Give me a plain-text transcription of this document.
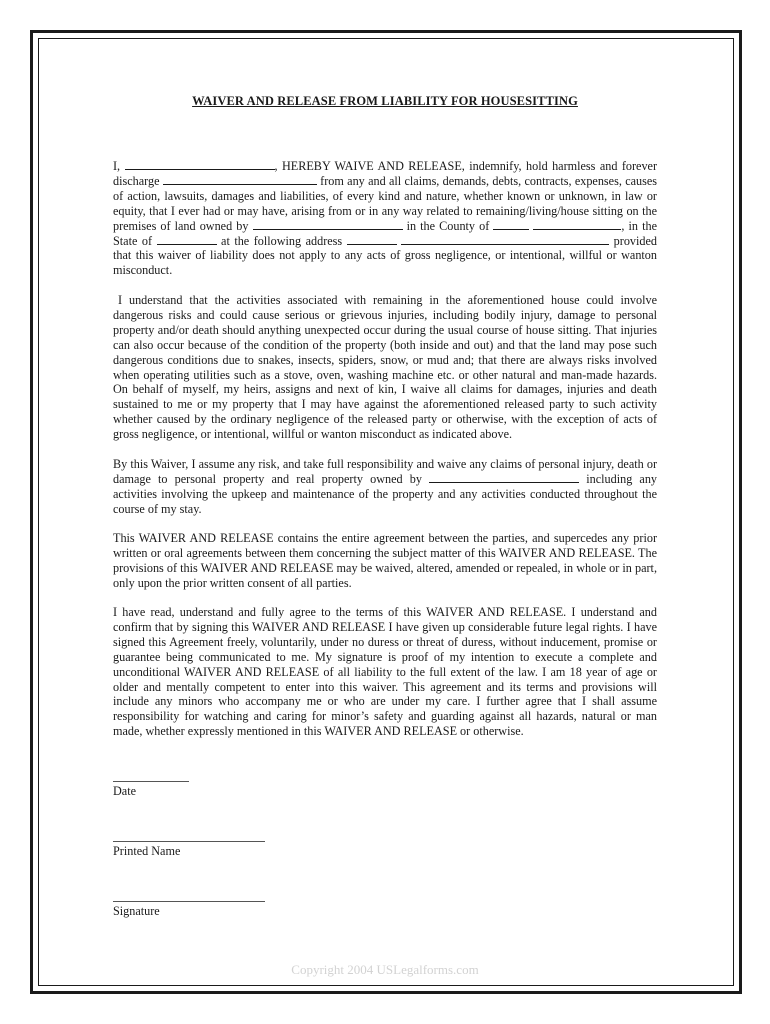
WAIVER AND RELEASE FROM LIABILITY FOR HOUSESITTING

I,	, HEREBY WAIVE AND RELEASE, indemnify, hold harmless and forever discharge	from any and all claims, demands, debts, contracts, expenses, causes of action, lawsuits, damages and liabilities, of every kind and nature, whether known or unknown, in law or equity, that I ever had or may have, arising from or in any way related to remaining/living/house sitting on the premises of land owned by	in the County of	, in the State of	at the following address	provided that this waiver of liability does not apply to any acts of gross negligence, or intentional, willful or wanton misconduct.

I understand that the activities associated with remaining in the aforementioned house could involve dangerous risks and could cause serious or grievous injuries, including bodily injury, damage to personal property and/or death should anything unexpected occur during the usual course of house sitting. That injuries can also occur because of the condition of the property (both inside and out) and that the land may pose such dangerous conditions due to snakes, insects, spiders, snow, or mud and; that there are always risks involved when operating utilities such as a stove, oven, washing machine etc. or other natural and man-made hazards. On behalf of myself, my heirs, assigns and next of kin, I waive all claims for damages, injuries and death sustained to me or my property that I may have against the aforementioned released party to such activity whether caused by the ordinary negligence of the released party or otherwise, with the exception of acts of gross negligence, or intentional, willful or wanton misconduct as indicated above.

By this Waiver, I assume any risk, and take full responsibility and waive any claims of personal injury, death or damage to personal property and real property owned by	including any activities involving the upkeep and maintenance of the property and any activities conducted throughout the course of my stay.

This WAIVER AND RELEASE contains the entire agreement between the parties, and supercedes any prior written or oral agreements between them concerning the subject matter of this WAIVER AND RELEASE. The provisions of this WAIVER AND RELEASE may be waived, altered, amended or repealed, in whole or in part, only upon the prior written consent of all parties.

I have read, understand and fully agree to the terms of this WAIVER AND RELEASE. I understand and confirm that by signing this WAIVER AND RELEASE I have given up considerable future legal rights. I have signed this Agreement freely, voluntarily, under no duress or threat of duress, without inducement, promise or guarantee being communicated to me. My signature is proof of my intention to execute a complete and unconditional WAIVER AND RELEASE of all liability to the full extent of the law. I am 18 year of age or older and mentally competent to enter into this waiver. This agreement and its terms and provisions will include any minors who accompany me or who are under my care. I further agree that I shall assume responsibility for watching and caring for minor’s safety and guarding against all hazards, natural or man made, whether expressly mentioned in this WAIVER AND RELEASE or otherwise.

Date
Printed Name
Signature
Copyright 2004 USLegalforms.com
